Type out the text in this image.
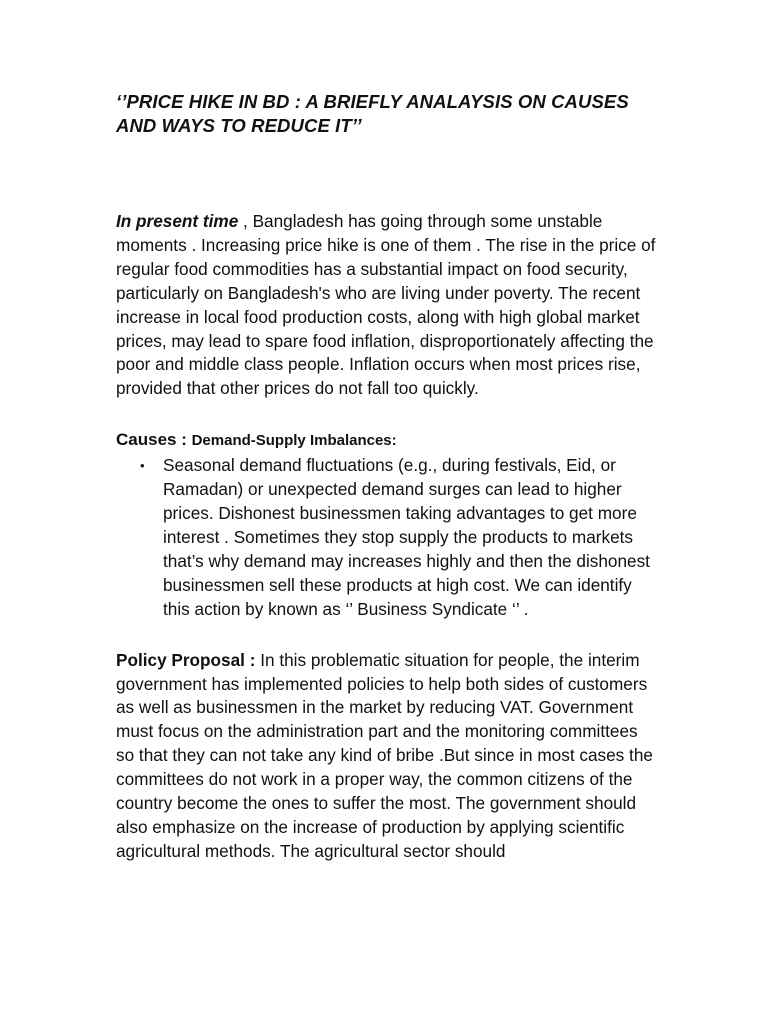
‘’PRICE HIKE IN BD : A BRIEFLY ANALAYSIS ON CAUSES AND WAYS TO REDUCE IT’’

In present time , Bangladesh has going through some unstable moments . Increasing price hike is one of them . The rise in the price of regular food commodities has a substantial impact on food security, particularly on Bangladesh's who are living under poverty. The recent increase in local food production costs, along with high global market prices, may lead to spare food inflation, disproportionately affecting the poor and middle class people. Inflation occurs when most prices rise, provided that other prices do not fall too quickly.

Causes : Demand-Supply Imbalances:
• Seasonal demand fluctuations (e.g., during festivals, Eid, or Ramadan) or unexpected demand surges can lead to higher prices. Dishonest businessmen taking advantages to get more interest . Sometimes they stop supply the products to markets that’s why demand may increases highly and then the dishonest businessmen sell these products at high cost. We can identify this action by known as ‘’ Business Syndicate ‘’ .

Policy Proposal : In this problematic situation for people, the interim government has implemented policies to help both sides of customers as well as businessmen in the market by reducing VAT. Government must focus on the administration part and the monitoring committees so that they can not take any kind of bribe .But since in most cases the committees do not work in a proper way, the common citizens of the country become the ones to suffer the most. The government should also emphasize on the increase of production by applying scientific agricultural methods. The agricultural sector should
